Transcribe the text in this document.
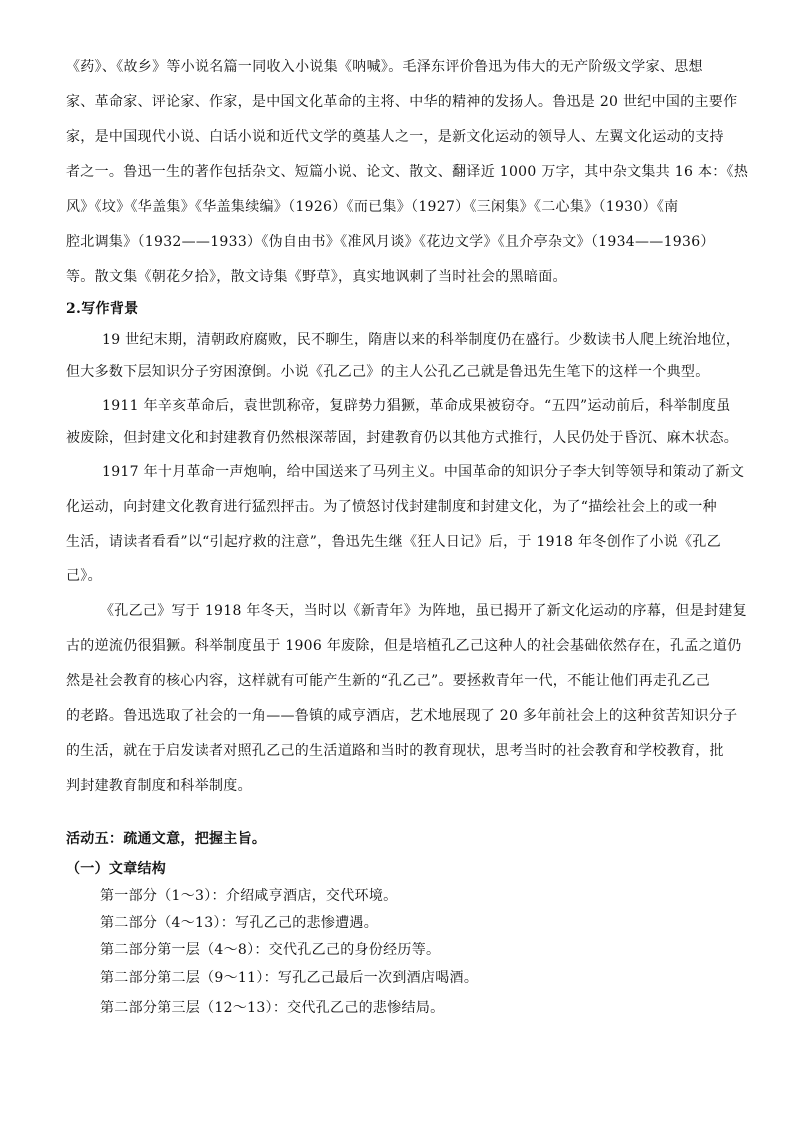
《药》、《故乡》等小说名篇一同收入小说集《呐喊》。毛泽东评价鲁迅为伟大的无产阶级文学家、思想
家、革命家、评论家、作家，是中国文化革命的主将、中华的精神的发扬人。鲁迅是 20 世纪中国的主要作
家，是中国现代小说、白话小说和近代文学的奠基人之一，是新文化运动的领导人、左翼文化运动的支持
者之一。鲁迅一生的著作包括杂文、短篇小说、论文、散文、翻译近 1000 万字，其中杂文集共 16 本：《热
风》《坟》《华盖集》《华盖集续编》（1926）《而已集》（1927）《三闲集》《二心集》（1930）《南
腔北调集》（1932——1933）《伪自由书》《准风月谈》《花边文学》《且介亭杂文》（1934——1936）
等。散文集《朝花夕拾》，散文诗集《野草》，真实地讽刺了当时社会的黑暗面。
2.写作背景
19 世纪末期，清朝政府腐败，民不聊生，隋唐以来的科举制度仍在盛行。少数读书人爬上统治地位，
但大多数下层知识分子穷困潦倒。小说《孔乙己》的主人公孔乙己就是鲁迅先生笔下的这样一个典型。
1911 年辛亥革命后，袁世凯称帝，复辟势力猖獗，革命成果被窃夺。“五四”运动前后，科举制度虽
被废除，但封建文化和封建教育仍然根深蒂固，封建教育仍以其他方式推行，人民仍处于昏沉、麻木状态。
1917 年十月革命一声炮响，给中国送来了马列主义。中国革命的知识分子李大钊等领导和策动了新文
化运动，向封建文化教育进行猛烈抨击。为了愤怒讨伐封建制度和封建文化，为了“描绘社会上的或一种
生活，请读者看看”以“引起疗救的注意”，鲁迅先生继《狂人日记》后，于 1918 年冬创作了小说《孔乙
己》。
《孔乙己》写于 1918 年冬天，当时以《新青年》为阵地，虽已揭开了新文化运动的序幕，但是封建复
古的逆流仍很猖獗。科举制度虽于 1906 年废除，但是培植孔乙己这种人的社会基础依然存在，孔孟之道仍
然是社会教育的核心内容，这样就有可能产生新的“孔乙己”。要拯救青年一代，不能让他们再走孔乙己
的老路。鲁迅选取了社会的一角——鲁镇的咸亨酒店，艺术地展现了 20 多年前社会上的这种贫苦知识分子
的生活，就在于启发读者对照孔乙己的生活道路和当时的教育现状，思考当时的社会教育和学校教育，批
判封建教育制度和科举制度。
活动五：疏通文意，把握主旨。
（一）文章结构
第一部分（1～3）：介绍咸亨酒店，交代环境。
第二部分（4～13）：写孔乙己的悲惨遭遇。
第二部分第一层（4～8）：交代孔乙己的身份经历等。
第二部分第二层（9～11）：写孔乙己最后一次到酒店喝酒。
第二部分第三层（12～13）：交代孔乙己的悲惨结局。
